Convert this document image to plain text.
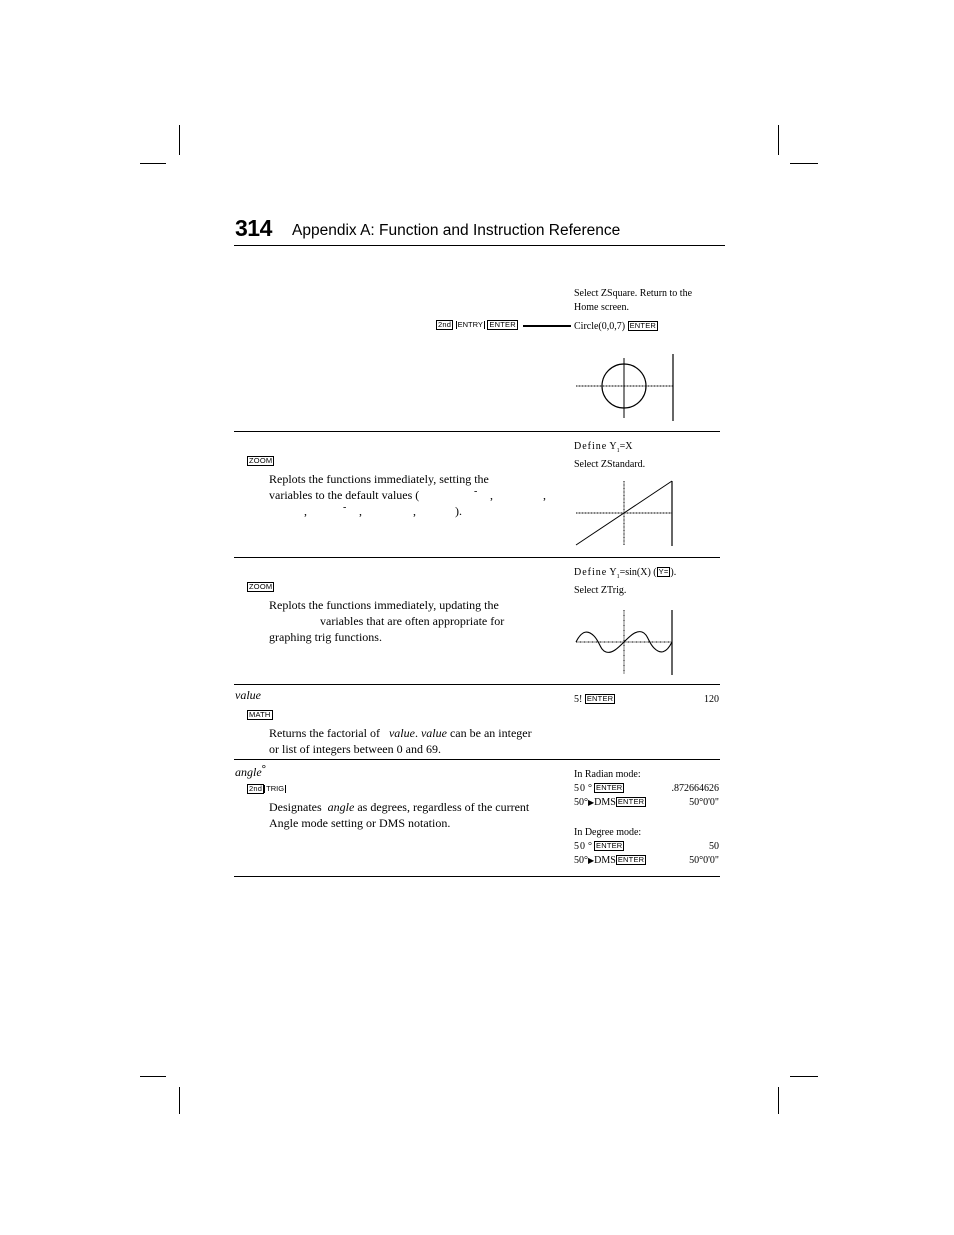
314 Appendix A: Function and Instruction Reference
2nd ENTRY ENTER
Select ZSquare. Return to the
Home screen.
Circle(0,0,7) ENTER
ZOOM
Replots the functions immediately, setting the
variables to the default values (	- ,	,
,	- ,	,	).
Define $Y_1=X$
Select ZStandard.
ZOOM
Replots the functions immediately, updating the
variables that are often appropriate for
graphing trig functions.
Define $Y_1=\sin(X)$ ( Y= ).
Select ZTrig.
value
MATH
Returns the factorial of value. value can be an integer
or list of integers between 0 and 69.
5! ENTER	120
angle°
2nd TRIG
Designates angle as degrees, regardless of the current
Angle mode setting or DMS notation.
In Radian mode:
50 ° ENTER	.872664626
50°▶DMS ENTER	50°0'0"
In Degree mode:
50 ° ENTER	50
50°▶DMS ENTER	50°0'0"
